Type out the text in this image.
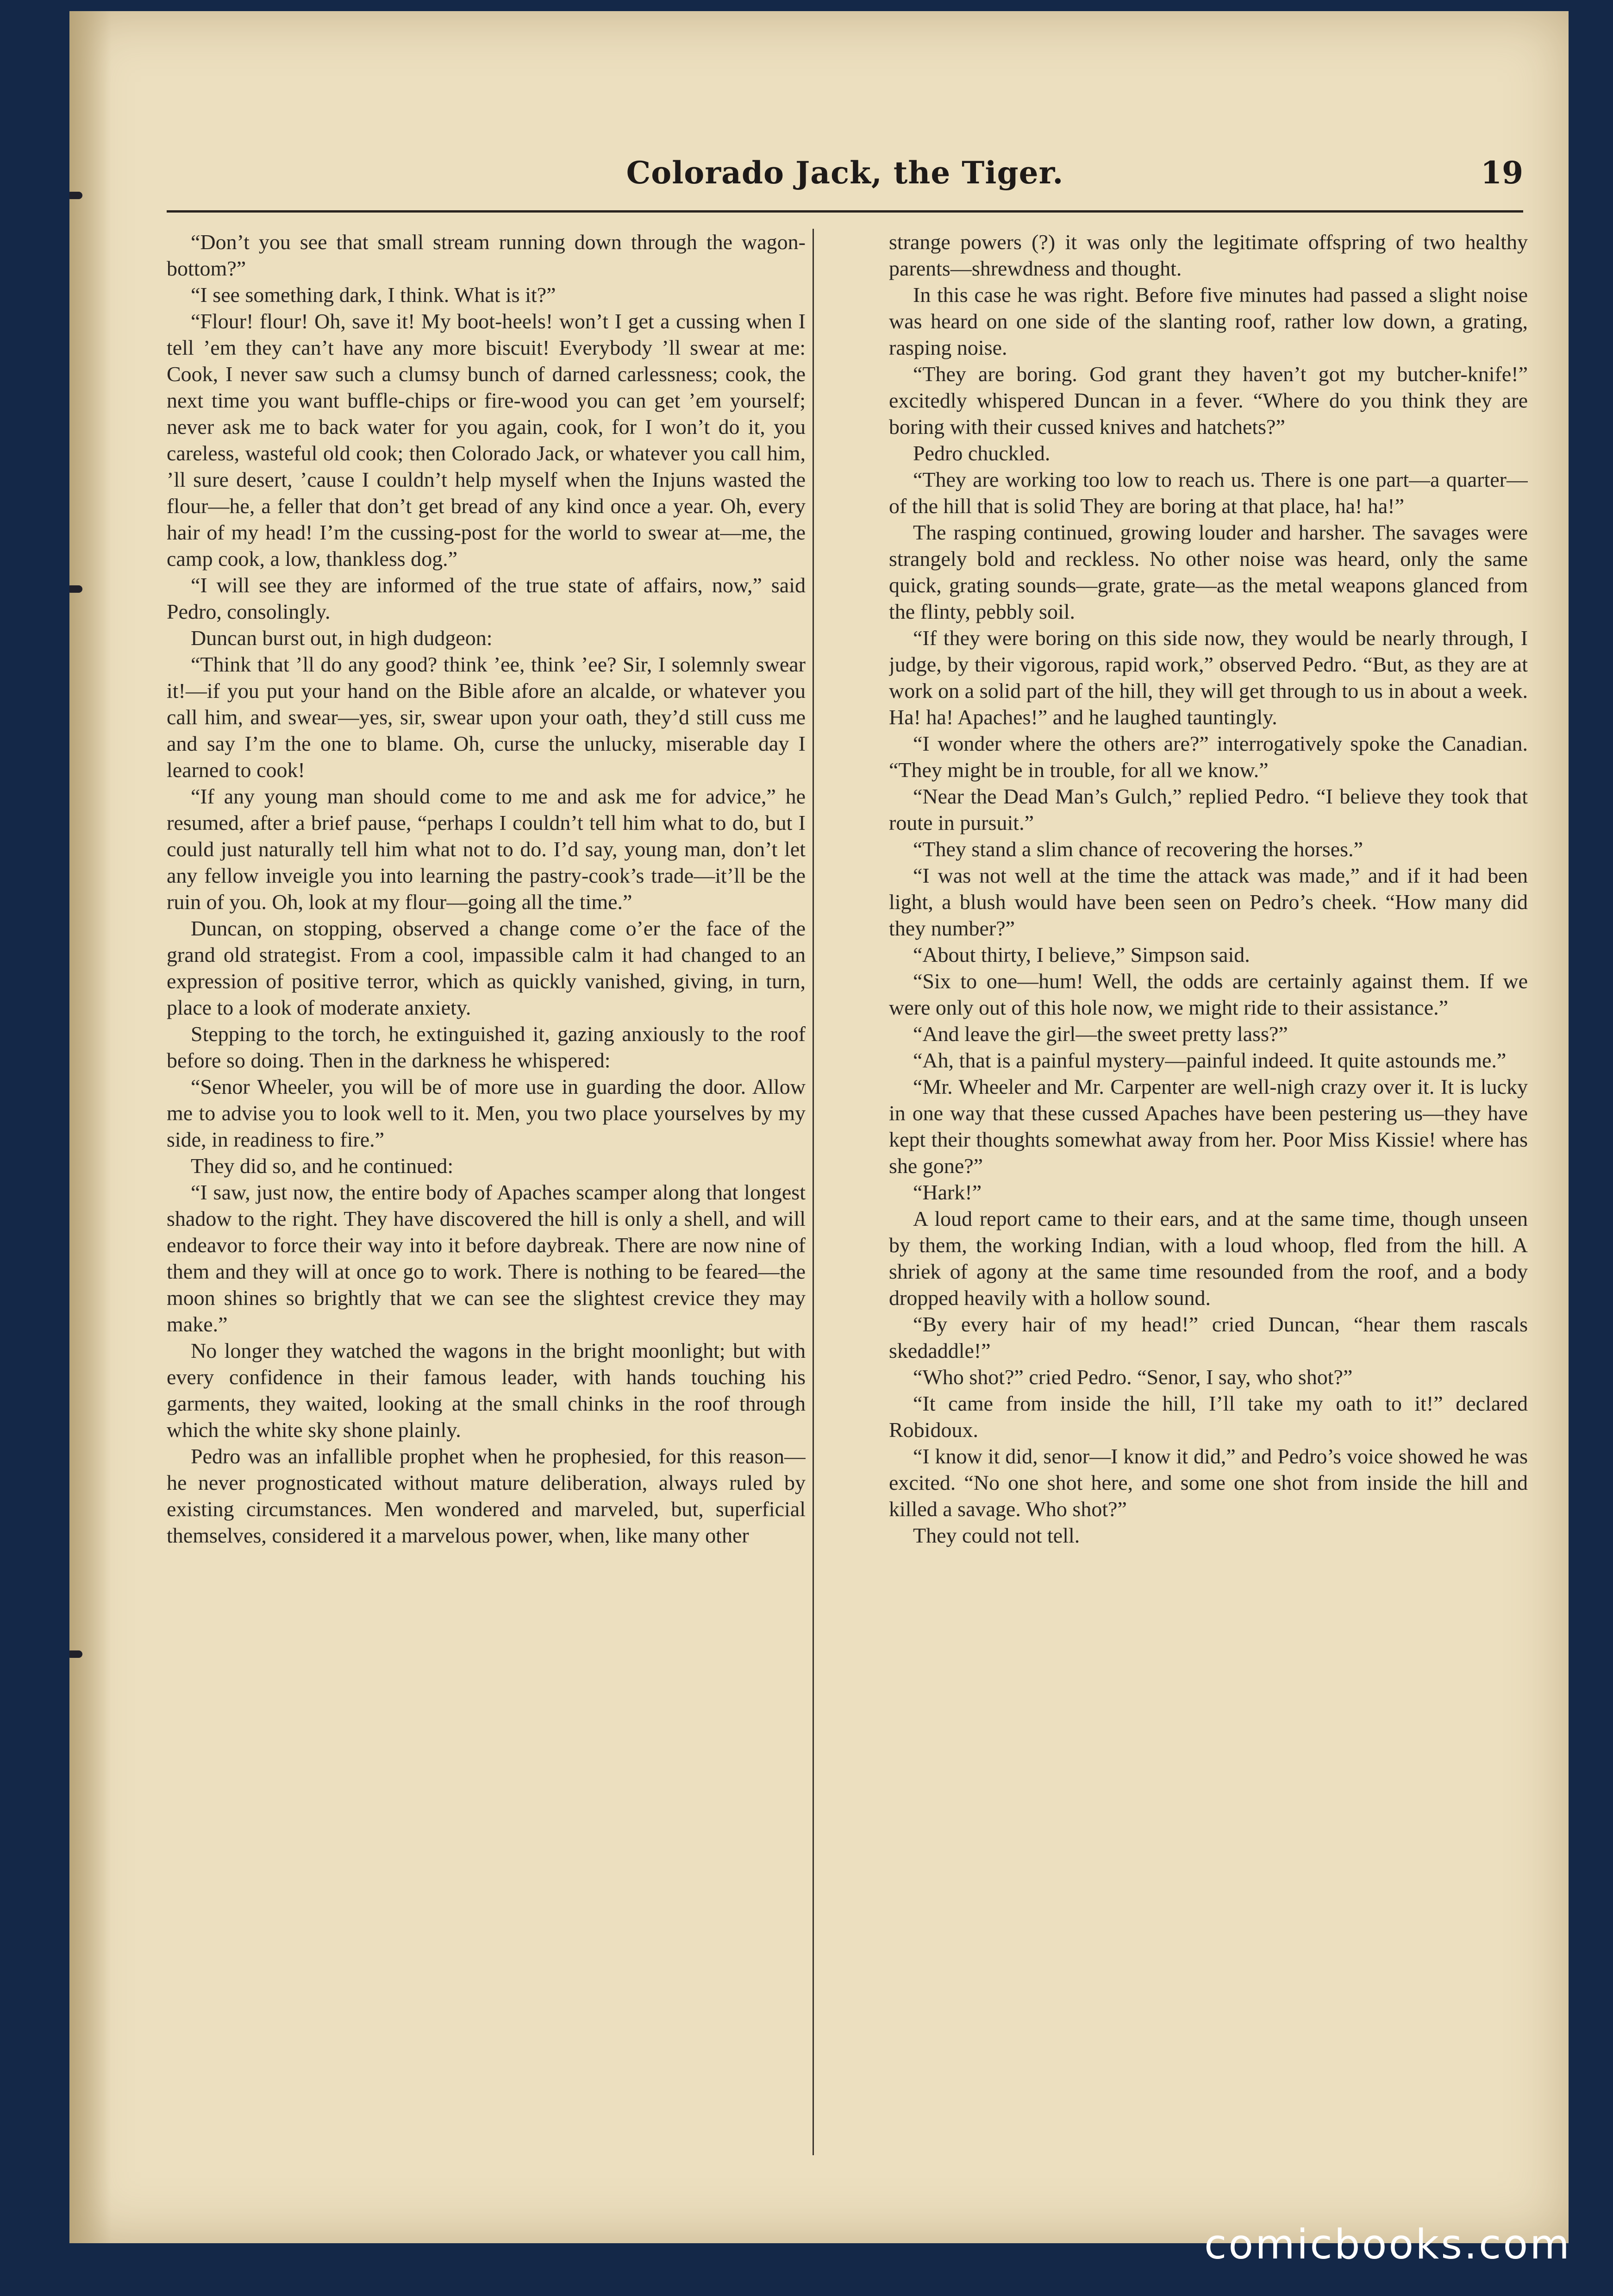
Colorado Jack, the Tiger.	19

“Don’t you see that small stream running down through the wagon-bottom?”

“I see something dark, I think. What is it?”

“Flour! flour! Oh, save it! My boot-heels! won’t I get a cussing when I tell ’em they can’t have any more biscuit! Everybody ’ll swear at me: Cook, I never saw such a clumsy bunch of darned carlessness; cook, the next time you want buffle-chips or fire-wood you can get ’em yourself; never ask me to back water for you again, cook, for I won’t do it, you careless, wasteful old cook; then Colorado Jack, or whatever you call him, ’ll sure desert, ’cause I couldn’t help myself when the Injuns wasted the flour—he, a feller that don’t get bread of any kind once a year. Oh, every hair of my head! I’m the cussing-post for the world to swear at—me, the camp cook, a low, thankless dog.”

“I will see they are informed of the true state of affairs, now,” said Pedro, consolingly.

Duncan burst out, in high dudgeon:

“Think that ’ll do any good? think ’ee, think ’ee? Sir, I solemnly swear it!—if you put your hand on the Bible afore an alcalde, or whatever you call him, and swear—yes, sir, swear upon your oath, they’d still cuss me and say I’m the one to blame. Oh, curse the unlucky, miserable day I learned to cook!

“If any young man should come to me and ask me for advice,” he resumed, after a brief pause, “perhaps I couldn’t tell him what to do, but I could just naturally tell him what not to do. I’d say, young man, don’t let any fellow inveigle you into learning the pastry-cook’s trade—it’ll be the ruin of you. Oh, look at my flour—going all the time.”

Duncan, on stopping, observed a change come o’er the face of the grand old strategist. From a cool, impassible calm it had changed to an expression of positive terror, which as quickly vanished, giving, in turn, place to a look of moderate anxiety.

Stepping to the torch, he extinguished it, gazing anxiously to the roof before so doing. Then in the darkness he whispered:

“Senor Wheeler, you will be of more use in guarding the door. Allow me to advise you to look well to it. Men, you two place yourselves by my side, in readiness to fire.”

They did so, and he continued:

“I saw, just now, the entire body of Apaches scamper along that longest shadow to the right. They have discovered the hill is only a shell, and will endeavor to force their way into it before daybreak. There are now nine of them and they will at once go to work. There is nothing to be feared—the moon shines so brightly that we can see the slightest crevice they may make.”

No longer they watched the wagons in the bright moonlight; but with every confidence in their famous leader, with hands touching his garments, they waited, looking at the small chinks in the roof through which the white sky shone plainly.

Pedro was an infallible prophet when he prophesied, for this reason—he never prognosticated without mature deliberation, always ruled by existing circumstances. Men wondered and marveled, but, superficial themselves, considered it a marvelous power, when, like many other

strange powers (?) it was only the legitimate offspring of two healthy parents—shrewdness and thought.

In this case he was right. Before five minutes had passed a slight noise was heard on one side of the slanting roof, rather low down, a grating, rasping noise.

“They are boring. God grant they haven’t got my butcher-knife!” excitedly whispered Duncan in a fever. “Where do you think they are boring with their cussed knives and hatchets?”

Pedro chuckled.

“They are working too low to reach us. There is one part—a quarter—of the hill that is solid They are boring at that place, ha! ha!”

The rasping continued, growing louder and harsher. The savages were strangely bold and reckless. No other noise was heard, only the same quick, grating sounds—grate, grate—as the metal weapons glanced from the flinty, pebbly soil.

“If they were boring on this side now, they would be nearly through, I judge, by their vigorous, rapid work,” observed Pedro. “But, as they are at work on a solid part of the hill, they will get through to us in about a week. Ha! ha! Apaches!” and he laughed tauntingly.

“I wonder where the others are?” interrogatively spoke the Canadian. “They might be in trouble, for all we know.”

“Near the Dead Man’s Gulch,” replied Pedro. “I believe they took that route in pursuit.”

“They stand a slim chance of recovering the horses.”

“I was not well at the time the attack was made,” and if it had been light, a blush would have been seen on Pedro’s cheek. “How many did they number?”

“About thirty, I believe,” Simpson said.

“Six to one—hum! Well, the odds are certainly against them. If we were only out of this hole now, we might ride to their assistance.”

“And leave the girl—the sweet pretty lass?”

“Ah, that is a painful mystery—painful indeed. It quite astounds me.”

“Mr. Wheeler and Mr. Carpenter are well-nigh crazy over it. It is lucky in one way that these cussed Apaches have been pestering us—they have kept their thoughts somewhat away from her. Poor Miss Kissie! where has she gone?”

“Hark!”

A loud report came to their ears, and at the same time, though unseen by them, the working Indian, with a loud whoop, fled from the hill. A shriek of agony at the same time resounded from the roof, and a body dropped heavily with a hollow sound.

“By every hair of my head!” cried Duncan, “hear them rascals skedaddle!”

“Who shot?” cried Pedro. “Senor, I say, who shot?”

“It came from inside the hill, I’ll take my oath to it!” declared Robidoux.

“I know it did, senor—I know it did,” and Pedro’s voice showed he was excited. “No one shot here, and some one shot from inside the hill and killed a savage. Who shot?”

They could not tell.

comicbooks.com
